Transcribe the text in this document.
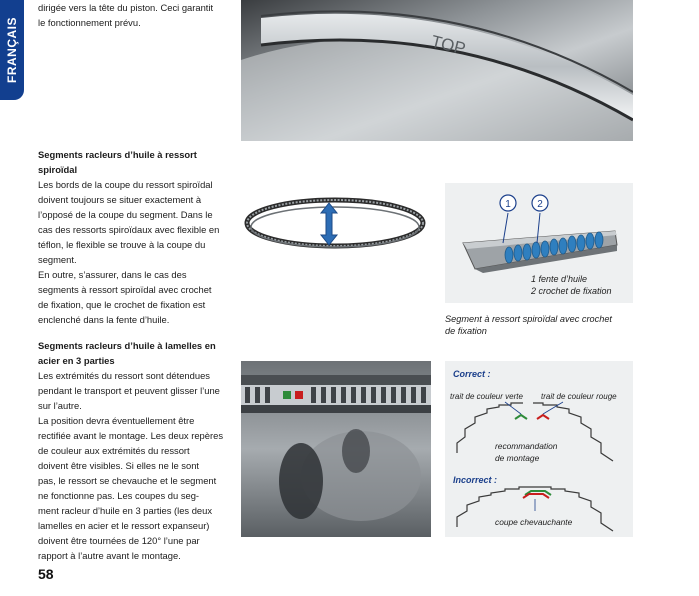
FRANÇAIS

dirigée vers la tête du piston. Ceci garantit

le fonctionnement prévu.

Segments racleurs d’huile à ressort
spiroïdal

Les bords de la coupe du ressort spiroïdal

doivent toujours se situer exactement à

l’opposé de la coupe du segment. Dans le

cas des ressorts spiroïdaux avec flexible en

téflon, le flexible se trouve à la coupe du

segment.

En outre, s’assurer, dans le cas des

segments à ressort spiroïdal avec crochet

de fixation, que le crochet de fixation est

enclenché dans la fente d’huile.

Segments racleurs d’huile à lamelles en
acier en 3 parties

Les extrémités du ressort sont détendues

pendant le transport et peuvent glisser l’une

sur l’autre.

La position devra éventuellement être

rectifiée avant le montage. Les deux repères

de couleur aux extrémités du ressort

doivent être visibles. Si elles ne le sont

pas, le ressort se chevauche et le segment

ne fonctionne pas. Les coupes du seg-

ment racleur d’huile en 3 parties (les deux

lamelles en acier et le ressort expanseur)

doivent être tournées de 120° l’une par

rapport à l’autre avant le montage.

TOP
1	2
1 fente d’huile
2 crochet de fixation
Segment à ressort spiroïdal avec crochet
de fixation
Correct :
trait de couleur verte trait de couleur rouge
recommandation
de montage
Incorrect :
coupe chevauchante
58
